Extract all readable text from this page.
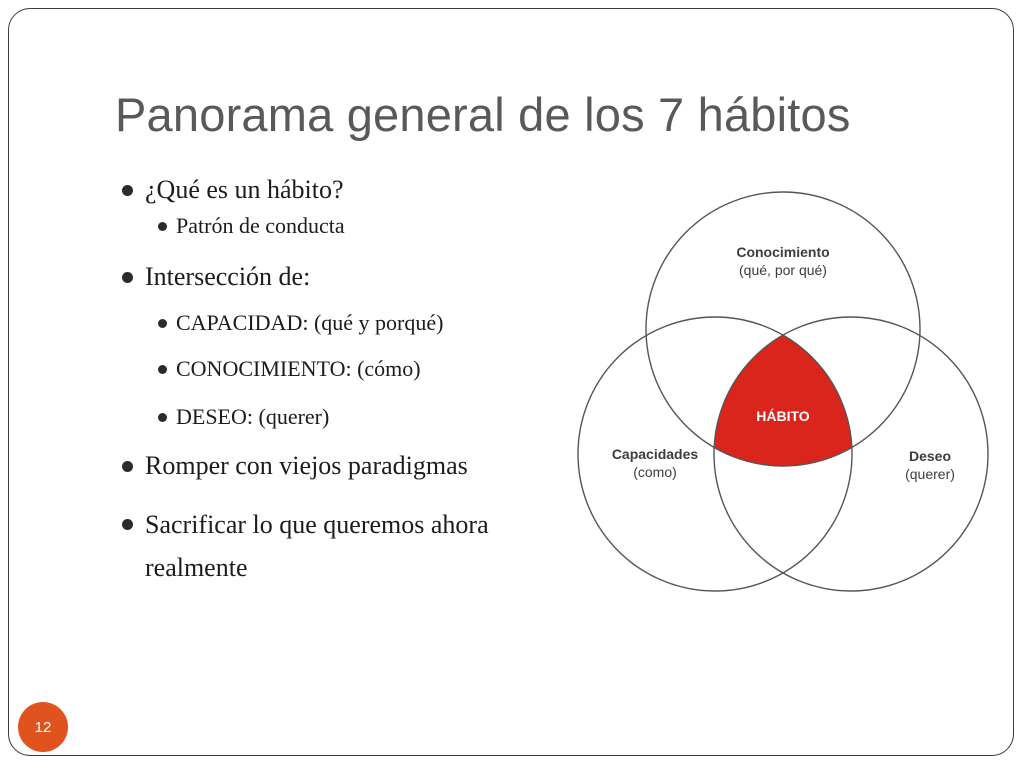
Panorama general de los 7 hábitos
¿Qué es un hábito?
Patrón de conducta
Intersección de:
CAPACIDAD: (qué y porqué)
CONOCIMIENTO: (cómo)
DESEO: (querer)
Romper con viejos paradigmas
Sacrificar lo que queremos ahora realmente
Conocimiento
(qué, por qué)
HÁBITO
Capacidades
(como)
Deseo
(querer)
12
